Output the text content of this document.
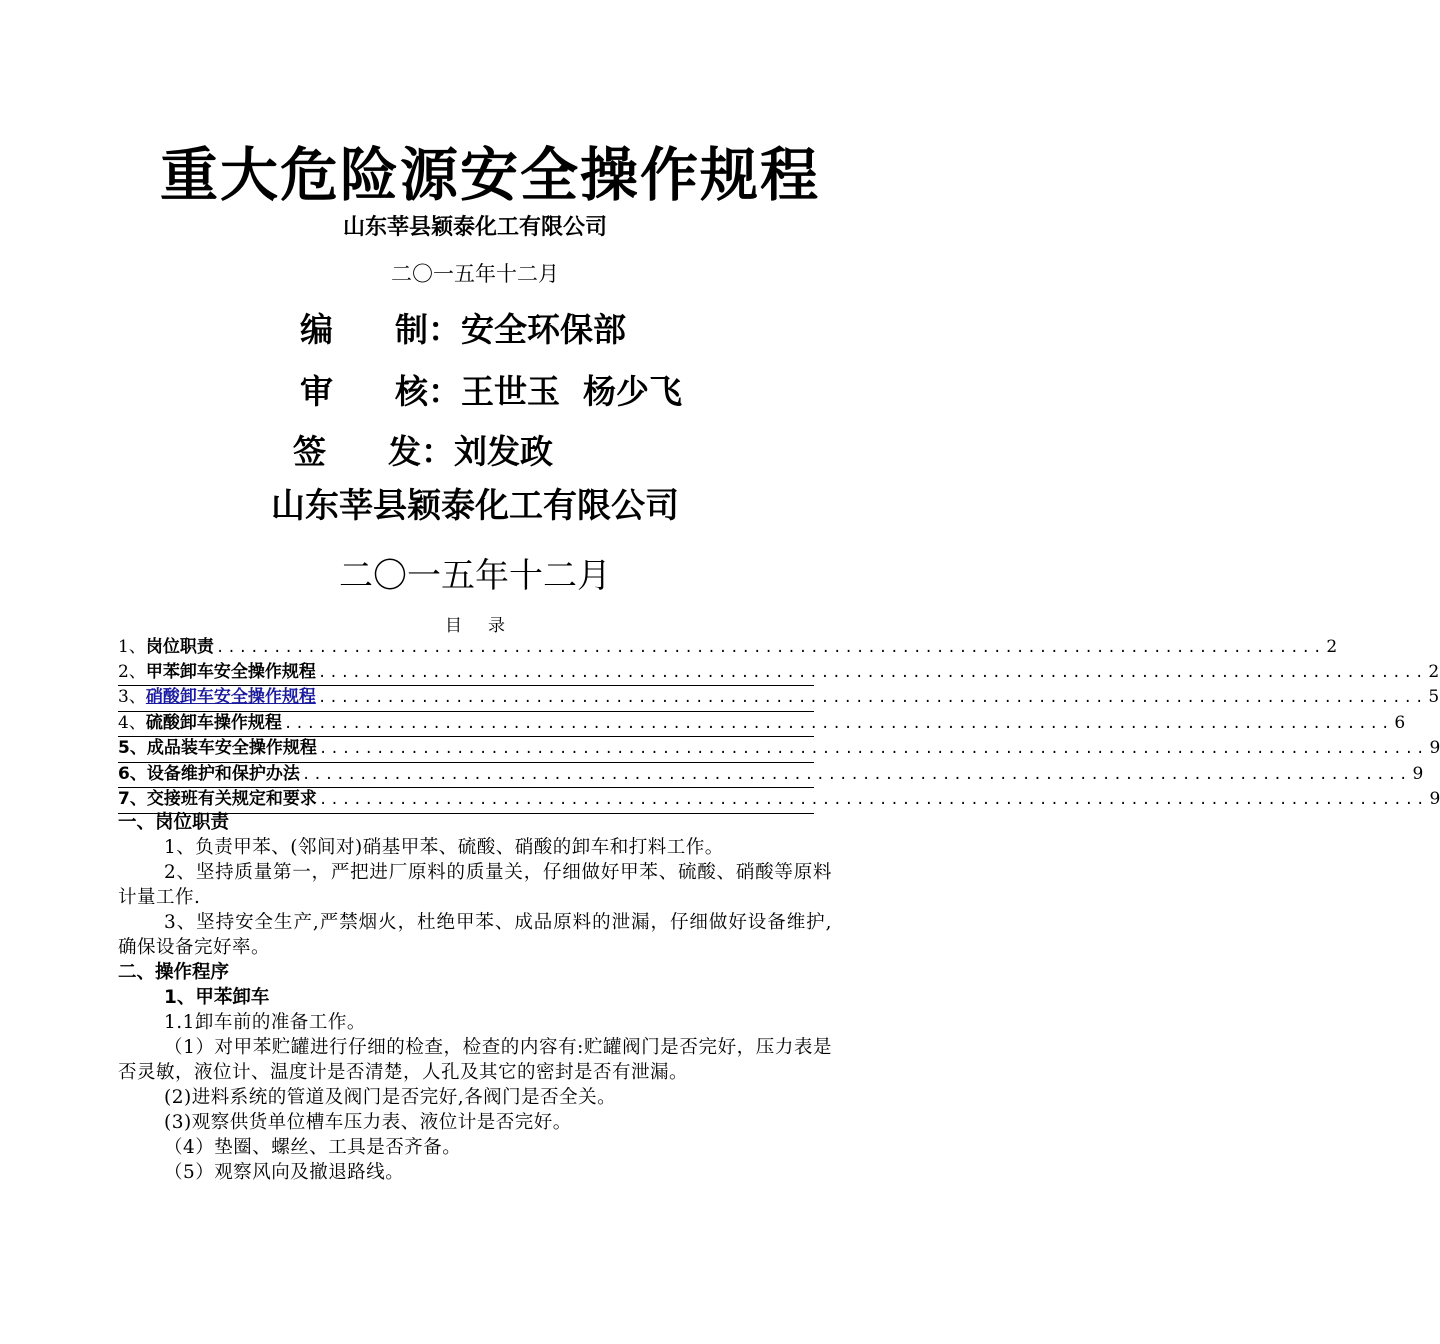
重大危险源安全操作规程
山东莘县颖泰化工有限公司
二〇一五年十二月
编 制：安全环保部
审 核：王世玉  杨少飞
签 发：刘发政
山东莘县颖泰化工有限公司
二〇一五年十二月
目录
1、 岗位职责 ................................................................................................. 2
2、 甲苯卸车安全操作规程 ................................................................................................. 2
3、 硝酸卸车安全操作规程 ................................................................................................. 5
4、 硫酸卸车操作规程 ................................................................................................. 6
5、 成品装车安全操作规程 ................................................................................................. 9
6、 设备维护和保护办法 ................................................................................................. 9
7、 交接班有关规定和要求 ................................................................................................. 9
一、岗位职责
1、负责甲苯、(邻间对)硝基甲苯、硫酸、硝酸的卸车和打料工作。
2、坚持质量第一，严把进厂原料的质量关，仔细做好甲苯、硫酸、硝酸等原料计量工作.
3、坚持安全生产,严禁烟火，杜绝甲苯、成品原料的泄漏，仔细做好设备维护,确保设备完好率。
二、操作程序
1、甲苯卸车
1.1卸车前的准备工作。
（1）对甲苯贮罐进行仔细的检查，检查的内容有:贮罐阀门是否完好，压力表是否灵敏，液位计、温度计是否清楚，人孔及其它的密封是否有泄漏。
(2)进料系统的管道及阀门是否完好,各阀门是否全关。
(3)观察供货单位槽车压力表、液位计是否完好。
（4）垫圈、螺丝、工具是否齐备。
（5）观察风向及撤退路线。
